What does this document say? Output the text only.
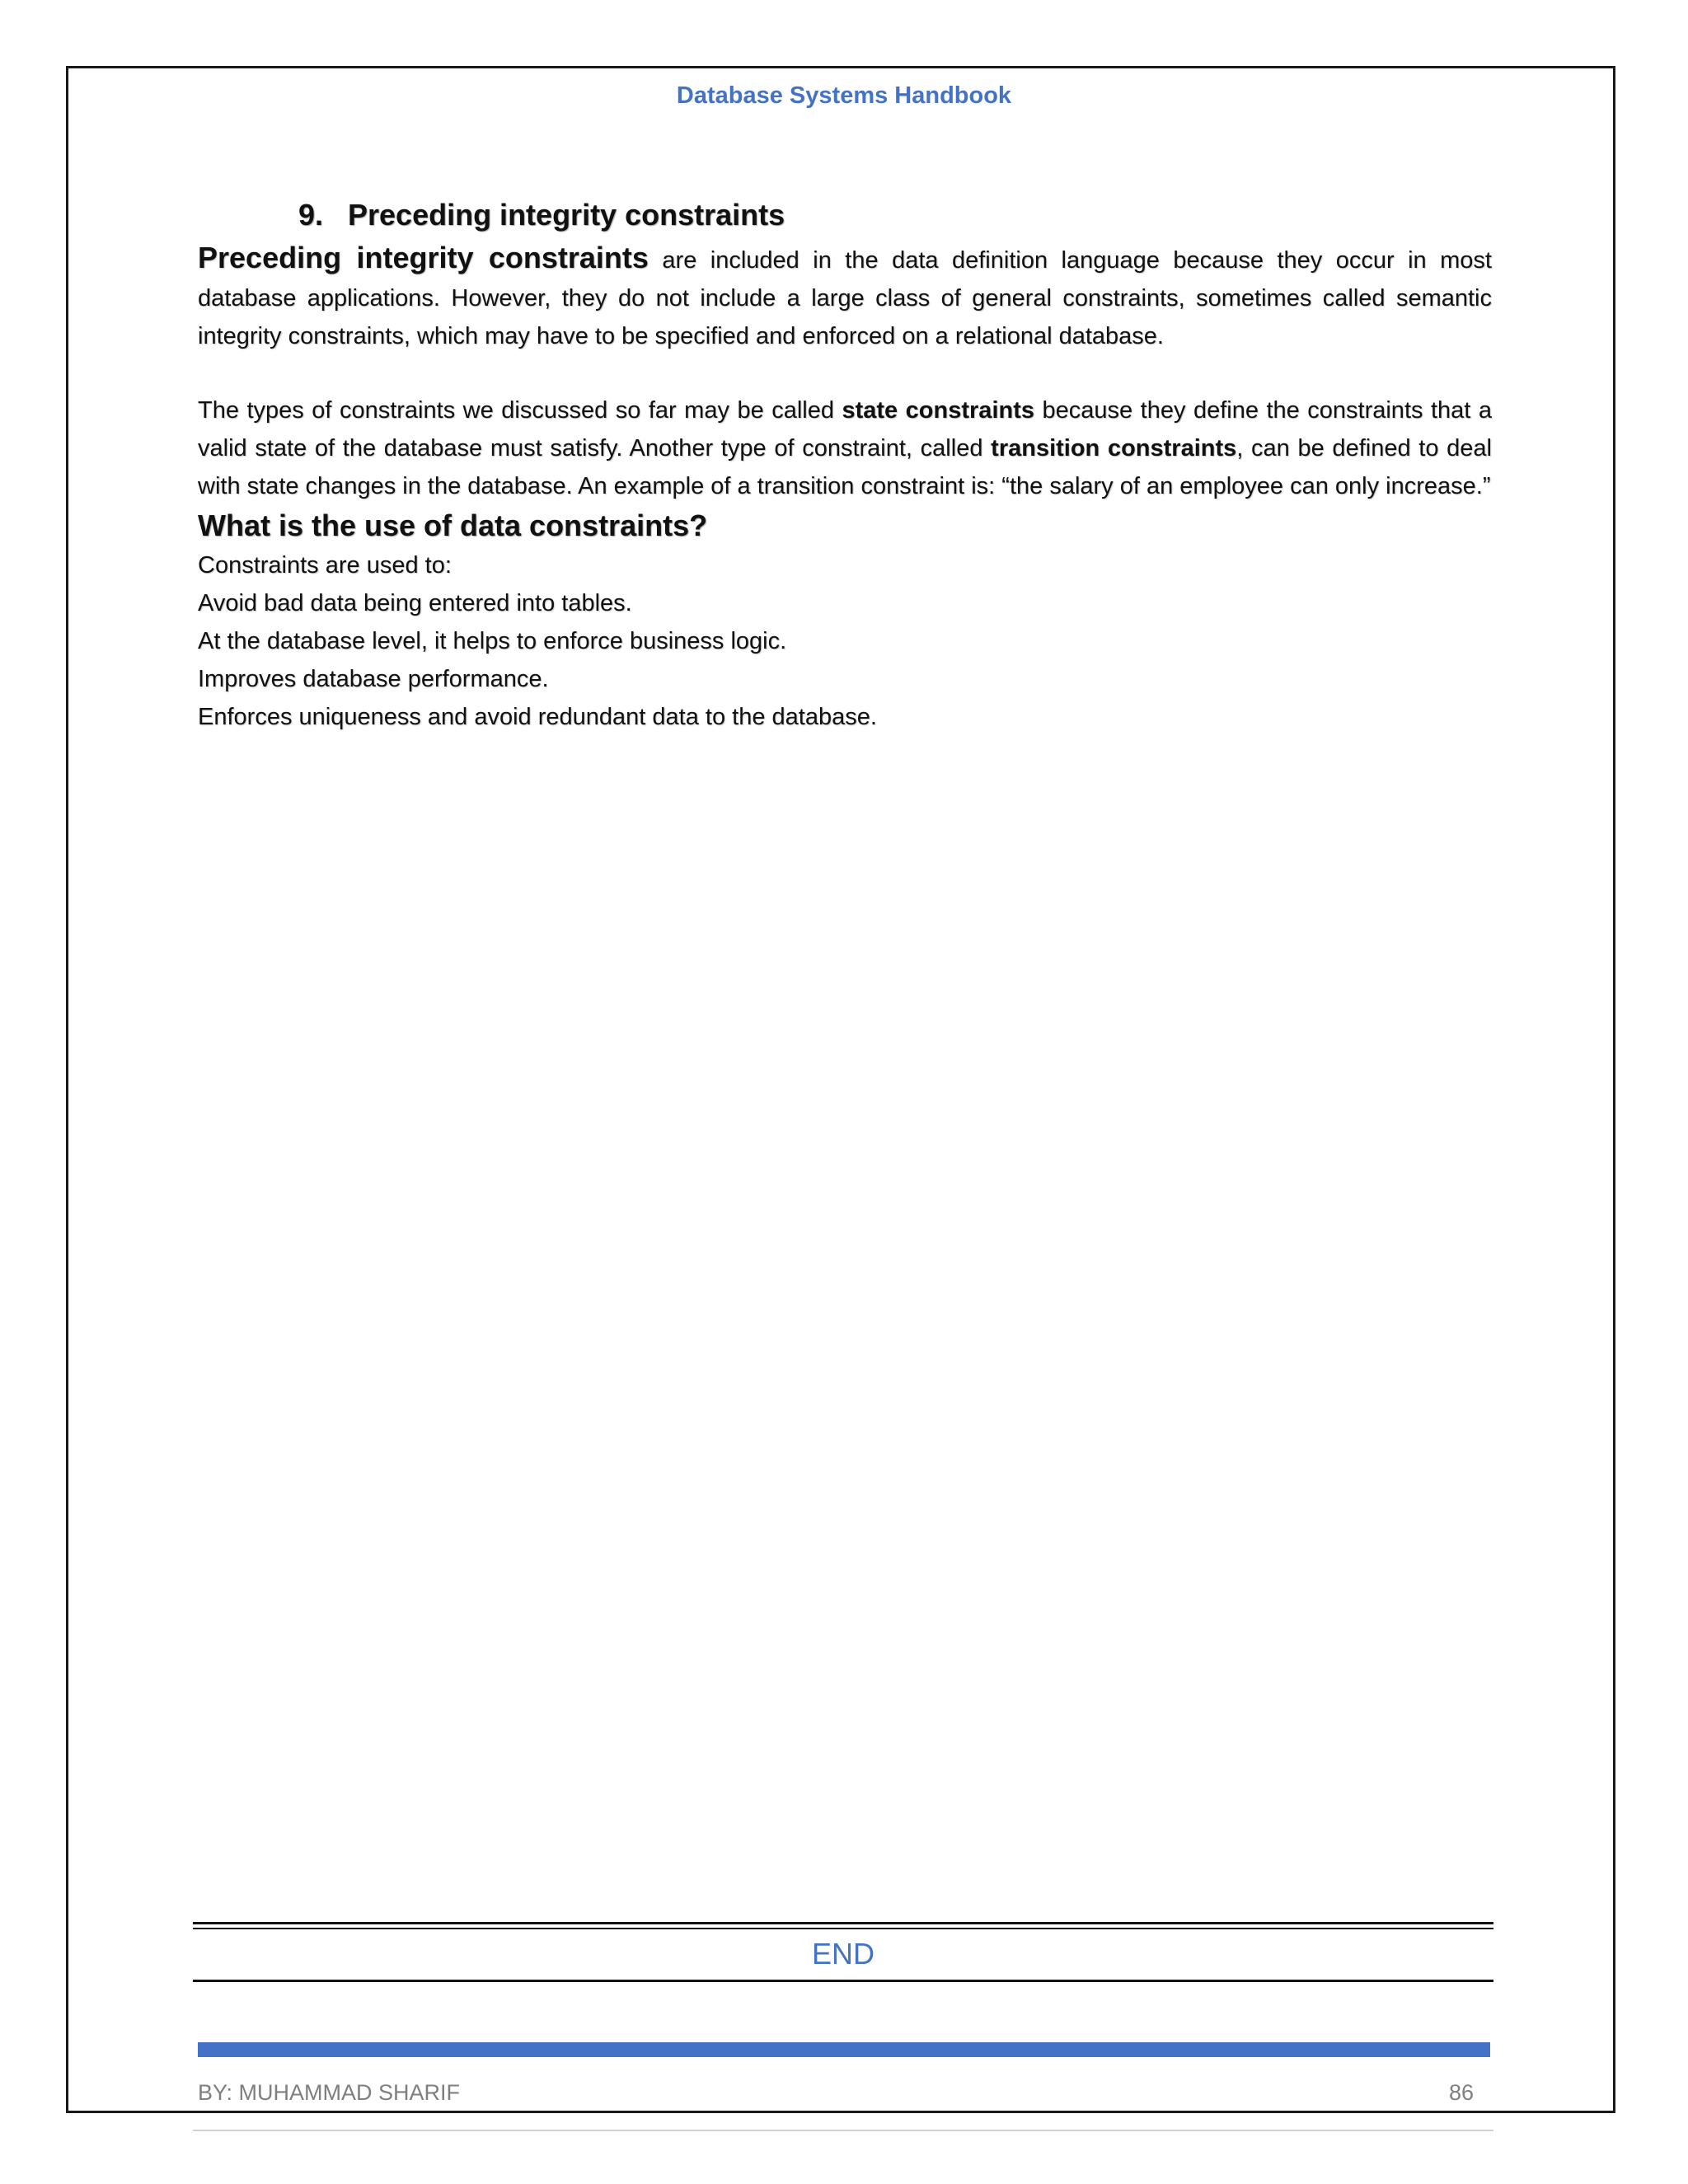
Database Systems Handbook
9. Preceding integrity constraints

Preceding integrity constraints are included in the data definition language because they occur in most database applications. However, they do not include a large class of general constraints, sometimes called semantic integrity constraints, which may have to be specified and enforced on a relational database.

The types of constraints we discussed so far may be called state constraints because they define the constraints that a valid state of the database must satisfy. Another type of constraint, called transition constraints, can be defined to deal with state changes in the database. An example of a transition constraint is: “the salary of an employee can only increase.”

What is the use of data constraints?
Constraints are used to:
Avoid bad data being entered into tables.
At the database level, it helps to enforce business logic.
Improves database performance.
Enforces uniqueness and avoid redundant data to the database.
END
BY: MUHAMMAD SHARIF	86
